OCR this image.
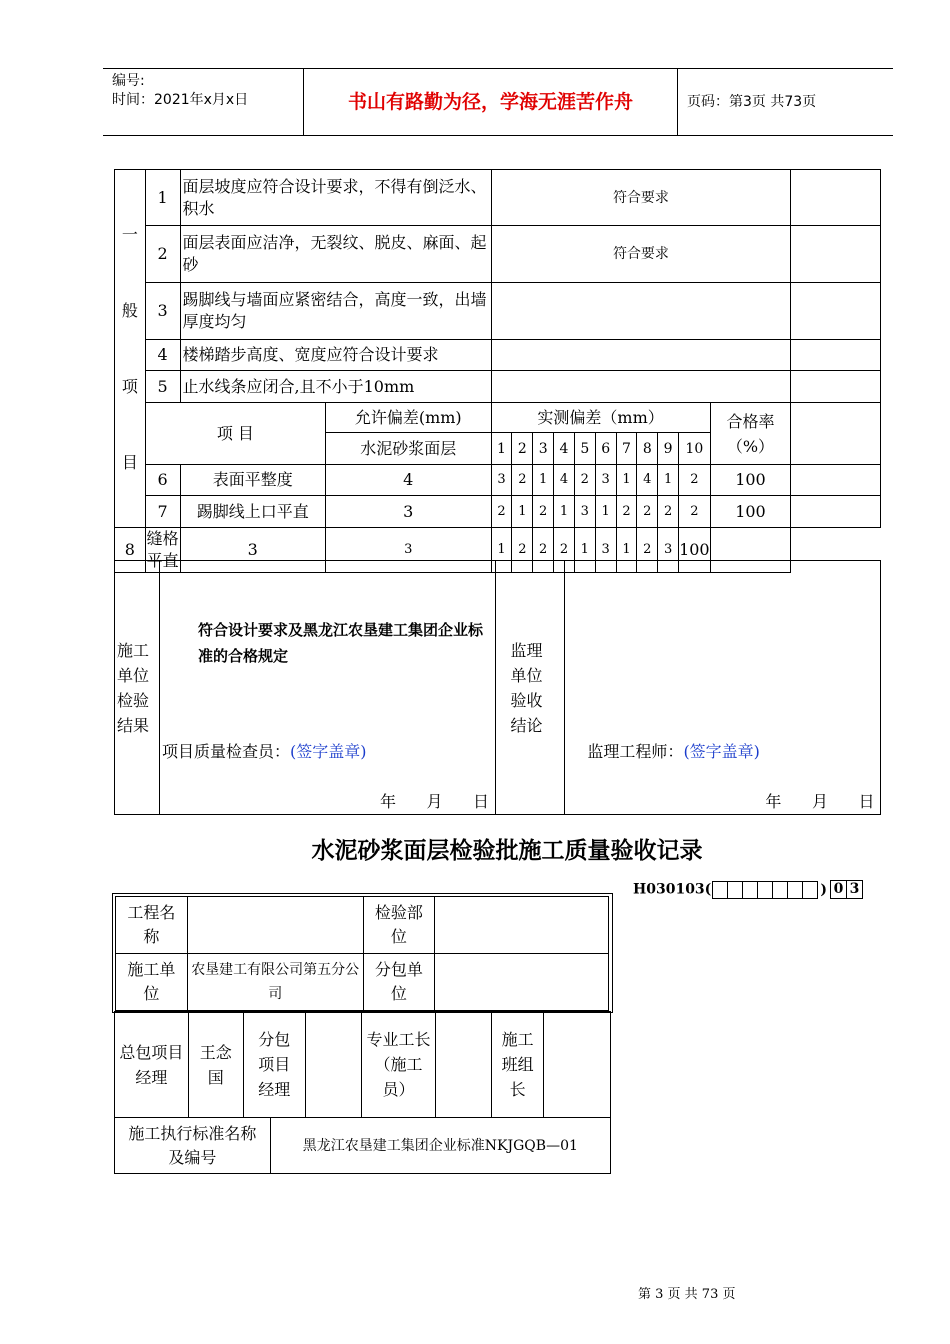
编号:
时间：2021年x月x日	书山有路勤为径，学海无涯苦作舟	页码：第3页 共73页
一
般
项
目	1	面层坡度应符合设计要求，不得有倒泛水、积水		符合要求											
	2	面层表面应洁净，无裂纹、脱皮、麻面、起砂		符合要求											
	3	踢脚线与墙面应紧密结合，高度一致，出墙厚度均匀													
	4	楼梯踏步高度、宽度应符合设计要求													
	5	止水线条应闭合,且不小于10mm													
	项 目		允许偏差(mm)	实测偏差（mm）										合格率（%）	
			水泥砂浆面层	1	2	3	4	5	6	7	8	9	10		
	6	表面平整度	4	3	2	1	4	2	3	1	4	1	2	100	
	7	踢脚线上口平直	3	2	1	2	1	3	1	2	2	2	2	100	
8	缝格平直	3	3	1	2	2	2	1	3	1	2	3	100		
施工单位检验结果	
符合设计要求及黑龙江农垦建工集团企业标准的合格规定
项目质量检查员：(签字盖章)
年      月      日
	监理单位验收结论	
监理工程师：(签字盖章)
年      月      日
水泥砂浆面层检验批施工质量验收记录
H030103(	) 0 3
工程名称		检验部位	
施工单位	农垦建工有限公司第五分公司	分包单位	
总包项目经理	王念国	分包项目经理		专业工长（施工员）		施工班组长	
施工执行标准名称及编号	黑龙江农垦建工集团企业标准NKJGQB—01
第 3 页 共 73 页
